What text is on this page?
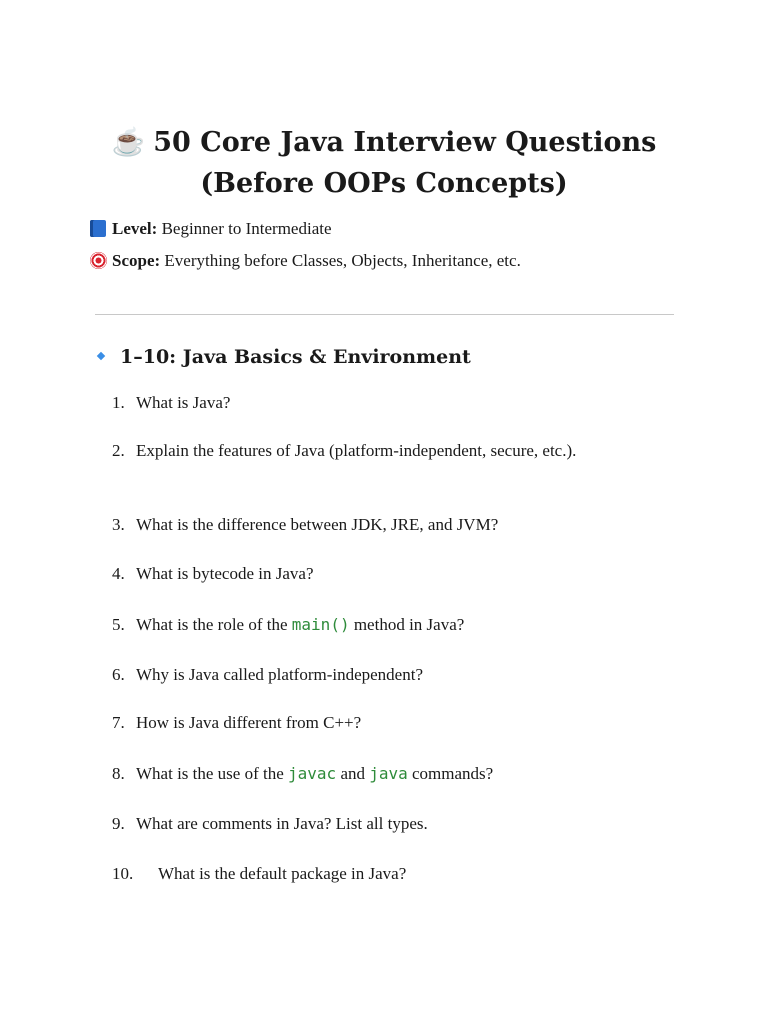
☕ 50 Core Java Interview Questions
(Before OOPs Concepts)
Level: Beginner to Intermediate
Scope: Everything before Classes, Objects, Inheritance, etc.
1–10: Java Basics & Environment
1. What is Java?
2. Explain the features of Java (platform-independent, secure, etc.).
3. What is the difference between JDK, JRE, and JVM?
4. What is bytecode in Java?
5. What is the role of the main() method in Java?
6. Why is Java called platform-independent?
7. How is Java different from C++?
8. What is the use of the javac and java commands?
9. What are comments in Java? List all types.
10. What is the default package in Java?
